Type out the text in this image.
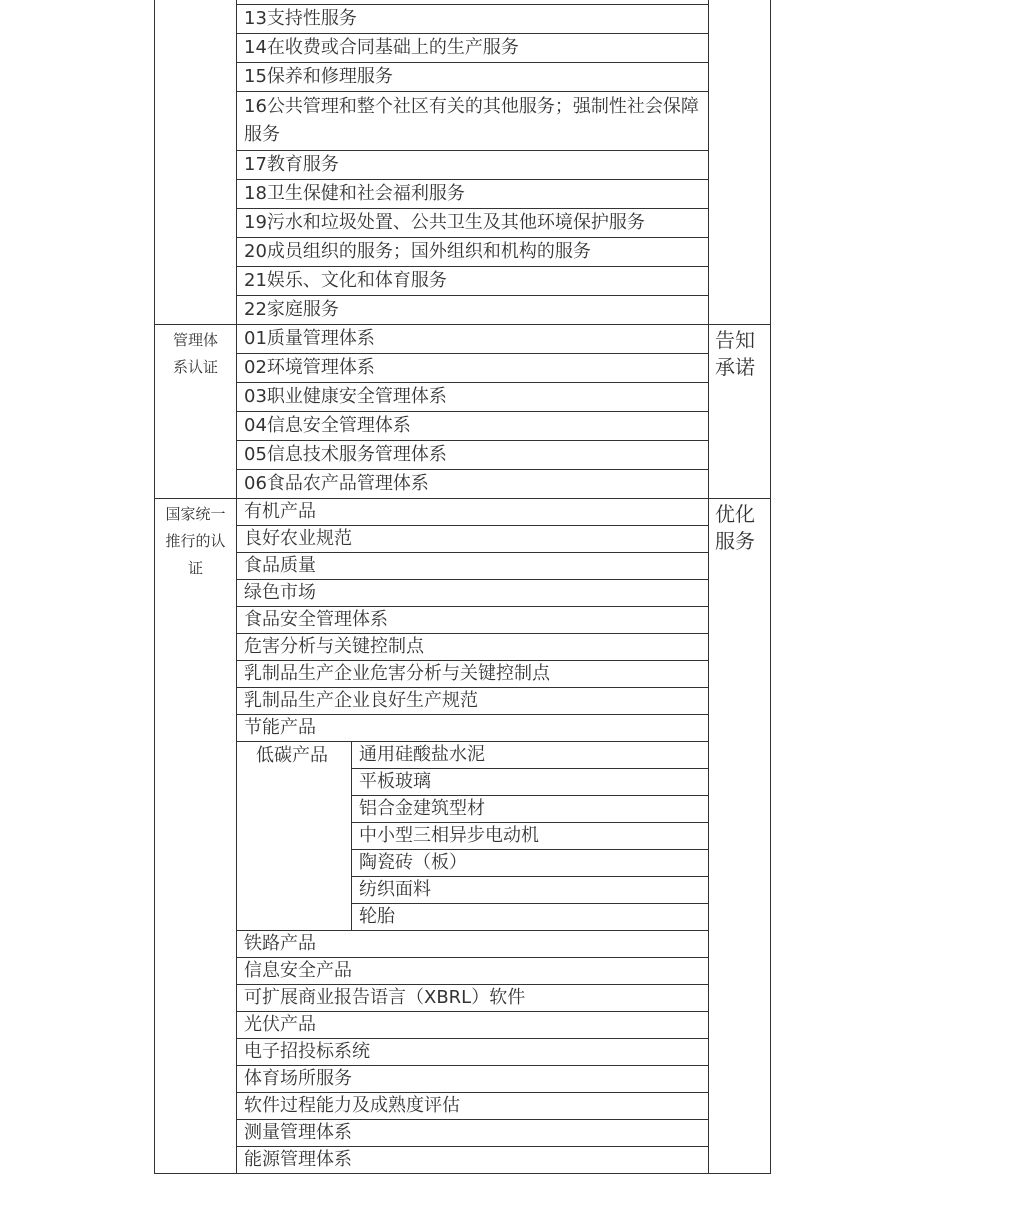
	13支持性服务		

	14在收费或合同基础上的生产服务		

	15保养和修理服务		

	16公共管理和整个社区有关的其他服务；强制性社会保障服务		

	17教育服务		

	18卫生保健和社会福利服务		

	19污水和垃圾处置、公共卫生及其他环境保护服务		

	20成员组织的服务；国外组织和机构的服务		

	21娱乐、文化和体育服务		

	22家庭服务		

管理体系认证	01质量管理体系		告知承诺

	02环境管理体系		

	03职业健康安全管理体系		

	04信息安全管理体系		

	05信息技术服务管理体系		

	06食品农产品管理体系		

国家统一推行的认证	有机产品		优化服务

	良好农业规范		

	食品质量		

	绿色市场		

	食品安全管理体系		

	危害分析与关键控制点		

	乳制品生产企业危害分析与关键控制点		

	乳制品生产企业良好生产规范		

	节能产品		

	低碳产品	通用硅酸盐水泥	

		平板玻璃	

		铝合金建筑型材	

		中小型三相异步电动机	

		陶瓷砖（板）	

		纺织面料	

		轮胎	

	铁路产品		

	信息安全产品		

	可扩展商业报告语言（XBRL）软件		

	光伏产品		

	电子招投标系统		

	体育场所服务		

	软件过程能力及成熟度评估		

	测量管理体系		

	能源管理体系		
